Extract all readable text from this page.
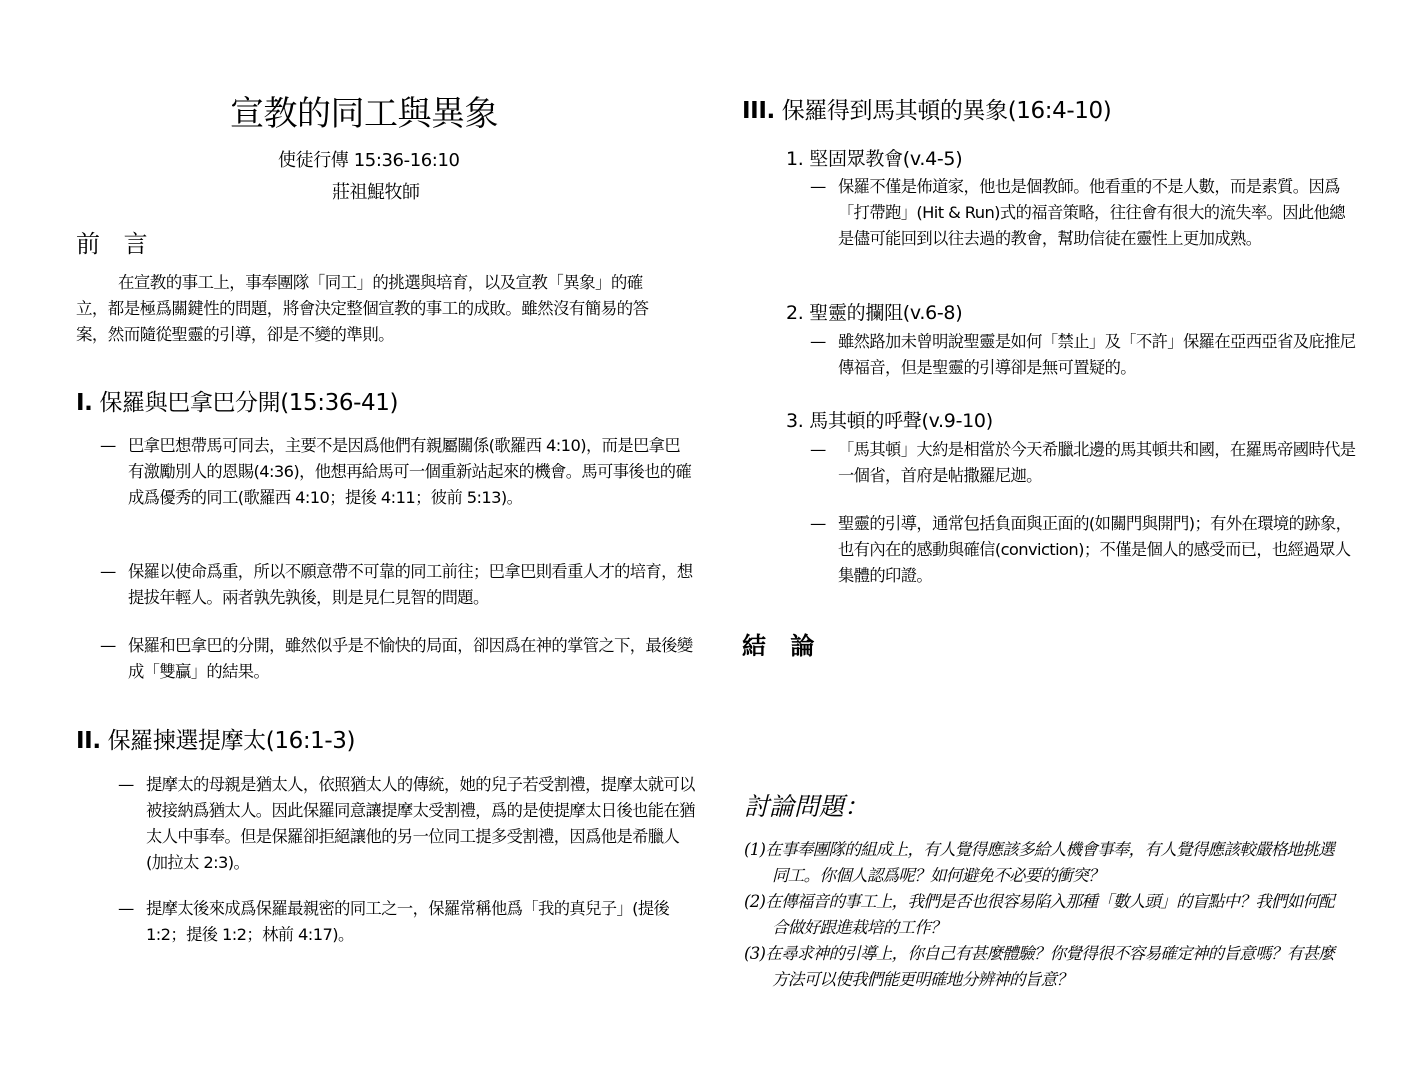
宣教的同工與異象
使徒行傳 15:36-16:10
莊祖鯤牧師
前 言
在宣教的事工上，事奉團隊「同工」的挑選與培育，以及宣教「異象」的確立，都是極爲關鍵性的問題，將會決定整個宣教的事工的成敗。雖然沒有簡易的答案，然而隨從聖靈的引導，卻是不變的準則。
I. 保羅與巴拿巴分開(15:36-41)
— 巴拿巴想帶馬可同去，主要不是因爲他們有親屬關係(歌羅西 4:10)，而是巴拿巴有激勵別人的恩賜(4:36)，他想再給馬可一個重新站起來的機會。馬可事後也的確成爲優秀的同工(歌羅西 4:10；提後 4:11；彼前 5:13)。
— 保羅以使命爲重，所以不願意帶不可靠的同工前往；巴拿巴則看重人才的培育，想提拔年輕人。兩者孰先孰後，則是見仁見智的問題。
— 保羅和巴拿巴的分開，雖然似乎是不愉快的局面，卻因爲在神的掌管之下，最後變成「雙贏」的結果。
II. 保羅揀選提摩太(16:1-3)
— 提摩太的母親是猶太人，依照猶太人的傳統，她的兒子若受割禮，提摩太就可以被接納爲猶太人。因此保羅同意讓提摩太受割禮，爲的是使提摩太日後也能在猶太人中事奉。但是保羅卻拒絕讓他的另一位同工提多受割禮，因爲他是希臘人(加拉太 2:3)。
— 提摩太後來成爲保羅最親密的同工之一，保羅常稱他爲「我的真兒子」(提後 1:2；提後 1:2；林前 4:17)。
III. 保羅得到馬其頓的異象(16:4-10)
1. 堅固眾教會(v.4-5)
— 保羅不僅是佈道家，他也是個教師。他看重的不是人數，而是素質。因爲「打帶跑」(Hit & Run)式的福音策略，往往會有很大的流失率。因此他總是儘可能回到以往去過的教會，幫助信徒在靈性上更加成熟。
2. 聖靈的攔阻(v.6-8)
— 雖然路加未曾明說聖靈是如何「禁止」及「不許」保羅在亞西亞省及庇推尼傳福音，但是聖靈的引導卻是無可置疑的。
3. 馬其頓的呼聲(v.9-10)
— 「馬其頓」大約是相當於今天希臘北邊的馬其頓共和國，在羅馬帝國時代是一個省，首府是帖撒羅尼迦。
— 聖靈的引導，通常包括負面與正面的(如關門與開門)；有外在環境的跡象，也有內在的感動與確信(conviction)；不僅是個人的感受而已，也經過眾人集體的印證。
結 論
討論問題：
(1)在事奉團隊的組成上，有人覺得應該多給人機會事奉，有人覺得應該較嚴格地挑選同工。你個人認爲呢？如何避免不必要的衝突？
(2)在傳福音的事工上，我們是否也很容易陷入那種「數人頭」的盲點中？我們如何配合做好跟進栽培的工作？
(3)在尋求神的引導上，你自己有甚麼體驗？你覺得很不容易確定神的旨意嗎？有甚麼方法可以使我們能更明確地分辨神的旨意？
